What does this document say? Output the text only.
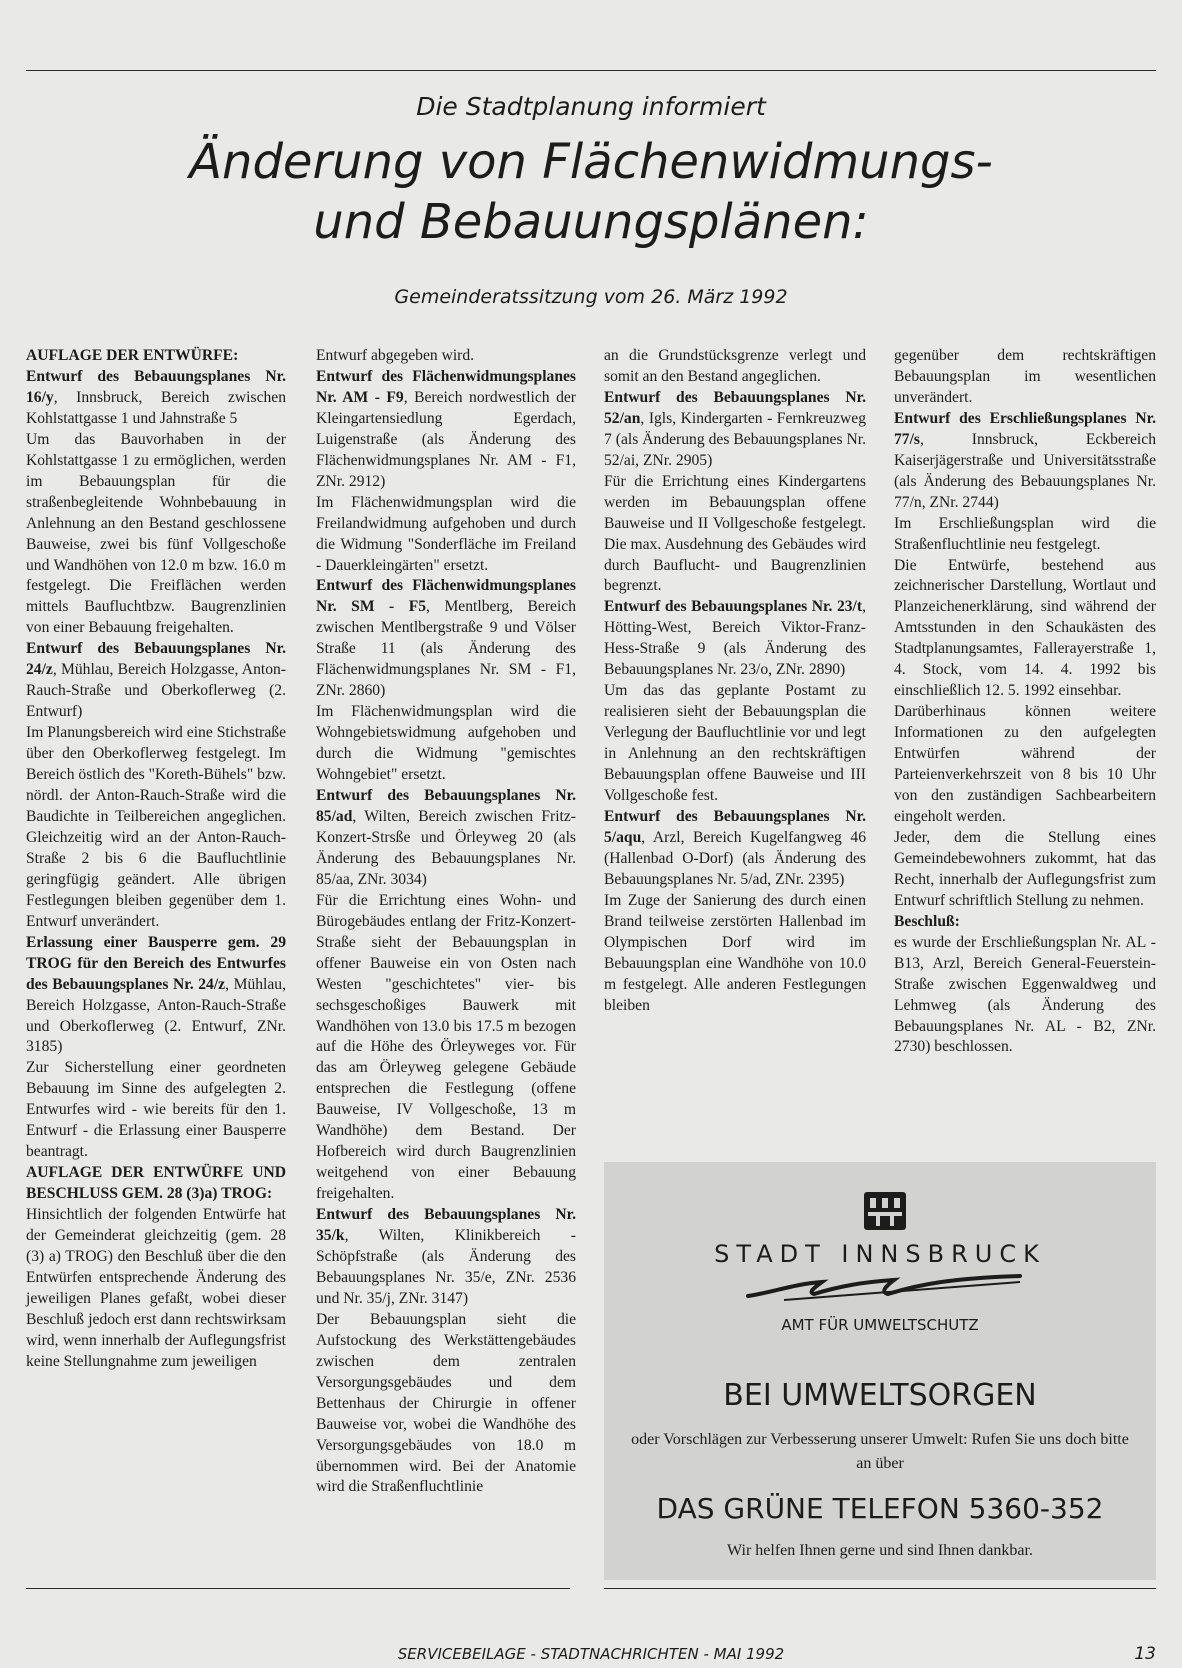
Die Stadtplanung informiert
Änderung von Flächenwidmungs-
und Bebauungsplänen:
Gemeinderatssitzung vom 26. März 1992

AUFLAGE DER ENTWÜRFE:

Entwurf des Bebauungsplanes Nr. 16/y, Innsbruck, Bereich zwischen Kohlstattgasse 1 und Jahnstraße 5

Um das Bauvorhaben in der Kohlstattgasse 1 zu ermöglichen, werden im Bebauungsplan für die straßenbegleitende Wohnbebauung in Anlehnung an den Bestand geschlossene Bauweise, zwei bis fünf Vollgeschoße und Wandhöhen von 12.0 m bzw. 16.0 m festgelegt. Die Freiflächen werden mittels Baufluchtbzw. Baugrenzlinien von einer Bebauung freigehalten.

Entwurf des Bebauungsplanes Nr. 24/z, Mühlau, Bereich Holzgasse, Anton-Rauch-Straße und Oberkoflerweg (2. Entwurf)

Im Planungsbereich wird eine Stichstraße über den Oberkoflerweg festgelegt. Im Bereich östlich des "Koreth-Bühels" bzw. nördl. der Anton-Rauch-Straße wird die Baudichte in Teilbereichen angeglichen. Gleichzeitig wird an der Anton-Rauch-Straße 2 bis 6 die Baufluchtlinie geringfügig geändert. Alle übrigen Festlegungen bleiben gegenüber dem 1. Entwurf unverändert.

Erlassung einer Bausperre gem. 29 TROG für den Bereich des Entwurfes des Bebauungsplanes Nr. 24/z, Mühlau, Bereich Holzgasse, Anton-Rauch-Straße und Oberkoflerweg (2. Entwurf, ZNr. 3185)

Zur Sicherstellung einer geordneten Bebauung im Sinne des aufgelegten 2. Entwurfes wird - wie bereits für den 1. Entwurf - die Erlassung einer Bausperre beantragt.

AUFLAGE DER ENTWÜRFE UND BESCHLUSS GEM. 28 (3)a) TROG:

Hinsichtlich der folgenden Entwürfe hat der Gemeinderat gleichzeitig (gem. 28 (3) a) TROG) den Beschluß über die den Entwürfen entsprechende Änderung des jeweiligen Planes gefaßt, wobei dieser Beschluß jedoch erst dann rechtswirksam wird, wenn innerhalb der Auflegungsfrist keine Stellungnahme zum jeweiligen

Entwurf abgegeben wird.

Entwurf des Flächenwidmungsplanes Nr. AM - F9, Bereich nordwestlich der Kleingartensiedlung Egerdach, Luigenstraße (als Änderung des Flächenwidmungsplanes Nr. AM - F1, ZNr. 2912)

Im Flächenwidmungsplan wird die Freilandwidmung aufgehoben und durch die Widmung "Sonderfläche im Freiland - Dauerkleingärten" ersetzt.

Entwurf des Flächenwidmungsplanes Nr. SM - F5, Mentlberg, Bereich zwischen Mentlbergstraße 9 und Völser Straße 11 (als Änderung des Flächenwidmungsplanes Nr. SM - F1, ZNr. 2860)

Im Flächenwidmungsplan wird die Wohngebietswidmung aufgehoben und durch die Widmung "gemischtes Wohngebiet" ersetzt.

Entwurf des Bebauungsplanes Nr. 85/ad, Wilten, Bereich zwischen Fritz-Konzert-Strsße und Örleyweg 20 (als Änderung des Bebauungsplanes Nr. 85/aa, ZNr. 3034)

Für die Errichtung eines Wohn- und Bürogebäudes entlang der Fritz-Konzert-Straße sieht der Bebauungsplan in offener Bauweise ein von Osten nach Westen "geschichtetes" vier- bis sechsgeschoßiges Bauwerk mit Wandhöhen von 13.0 bis 17.5 m bezogen auf die Höhe des Örleyweges vor. Für das am Örleyweg gelegene Gebäude entsprechen die Festlegung (offene Bauweise, IV Vollgeschoße, 13 m Wandhöhe) dem Bestand. Der Hofbereich wird durch Baugrenzlinien weitgehend von einer Bebauung freigehalten.

Entwurf des Bebauungsplanes Nr. 35/k, Wilten, Klinikbereich - Schöpfstraße (als Änderung des Bebauungsplanes Nr. 35/e, ZNr. 2536 und Nr. 35/j, ZNr. 3147)

Der Bebauungsplan sieht die Aufstockung des Werkstättengebäudes zwischen dem zentralen Versorgungsgebäudes und dem Bettenhaus der Chirurgie in offener Bauweise vor, wobei die Wandhöhe des Versorgungsgebäudes von 18.0 m übernommen wird. Bei der Anatomie wird die Straßenfluchtlinie

an die Grundstücksgrenze verlegt und somit an den Bestand angeglichen.

Entwurf des Bebauungsplanes Nr. 52/an, Igls, Kindergarten - Fernkreuzweg 7 (als Änderung des Bebauungsplanes Nr. 52/ai, ZNr. 2905)

Für die Errichtung eines Kindergartens werden im Bebauungsplan offene Bauweise und II Vollgeschoße festgelegt. Die max. Ausdehnung des Gebäudes wird durch Bauflucht- und Baugrenzlinien begrenzt.

Entwurf des Bebauungsplanes Nr. 23/t, Hötting-West, Bereich Viktor-Franz-Hess-Straße 9 (als Änderung des Bebauungsplanes Nr. 23/o, ZNr. 2890)

Um das das geplante Postamt zu realisieren sieht der Bebauungsplan die Verlegung der Baufluchtlinie vor und legt in Anlehnung an den rechtskräftigen Bebauungsplan offene Bauweise und III Vollgeschoße fest.

Entwurf des Bebauungsplanes Nr. 5/aqu, Arzl, Bereich Kugelfangweg 46 (Hallenbad O-Dorf) (als Änderung des Bebauungsplanes Nr. 5/ad, ZNr. 2395)

Im Zuge der Sanierung des durch einen Brand teilweise zerstörten Hallenbad im Olympischen Dorf wird im Bebauungsplan eine Wandhöhe von 10.0 m festgelegt. Alle anderen Festlegungen bleiben

gegenüber dem rechtskräftigen Bebauungsplan im wesentlichen unverändert.

Entwurf des Erschließungsplanes Nr. 77/s, Innsbruck, Eckbereich Kaiserjägerstraße und Universitätsstraße (als Änderung des Bebauungsplanes Nr. 77/n, ZNr. 2744)

Im Erschließungsplan wird die Straßenfluchtlinie neu festgelegt.

Die Entwürfe, bestehend aus zeichnerischer Darstellung, Wortlaut und Planzeichenerklärung, sind während der Amtsstunden in den Schaukästen des Stadtplanungsamtes, Fallerayerstraße 1, 4. Stock, vom 14. 4. 1992 bis einschließlich 12. 5. 1992 einsehbar.

Darüberhinaus können weitere Informationen zu den aufgelegten Entwürfen während der Parteienverkehrszeit von 8 bis 10 Uhr von den zuständigen Sachbearbeitern eingeholt werden.

Jeder, dem die Stellung eines Gemeindebewohners zukommt, hat das Recht, innerhalb der Auflegungsfrist zum Entwurf schriftlich Stellung zu nehmen.

Beschluß:

es wurde der Erschließungsplan Nr. AL - B13, Arzl, Bereich General-Feuerstein-Straße zwischen Eggenwaldweg und Lehmweg (als Änderung des Bebauungsplanes Nr. AL - B2, ZNr. 2730) beschlossen.

STADT INNSBRUCK
AMT FÜR UMWELTSCHUTZ
BEI UMWELTSORGEN
oder Vorschlägen zur Verbesserung unserer Umwelt: Rufen Sie uns doch bitte an über
DAS GRÜNE TELEFON 5360-352
Wir helfen Ihnen gerne und sind Ihnen dankbar.
SERVICEBEILAGE - STADTNACHRICHTEN - MAI 1992	13
